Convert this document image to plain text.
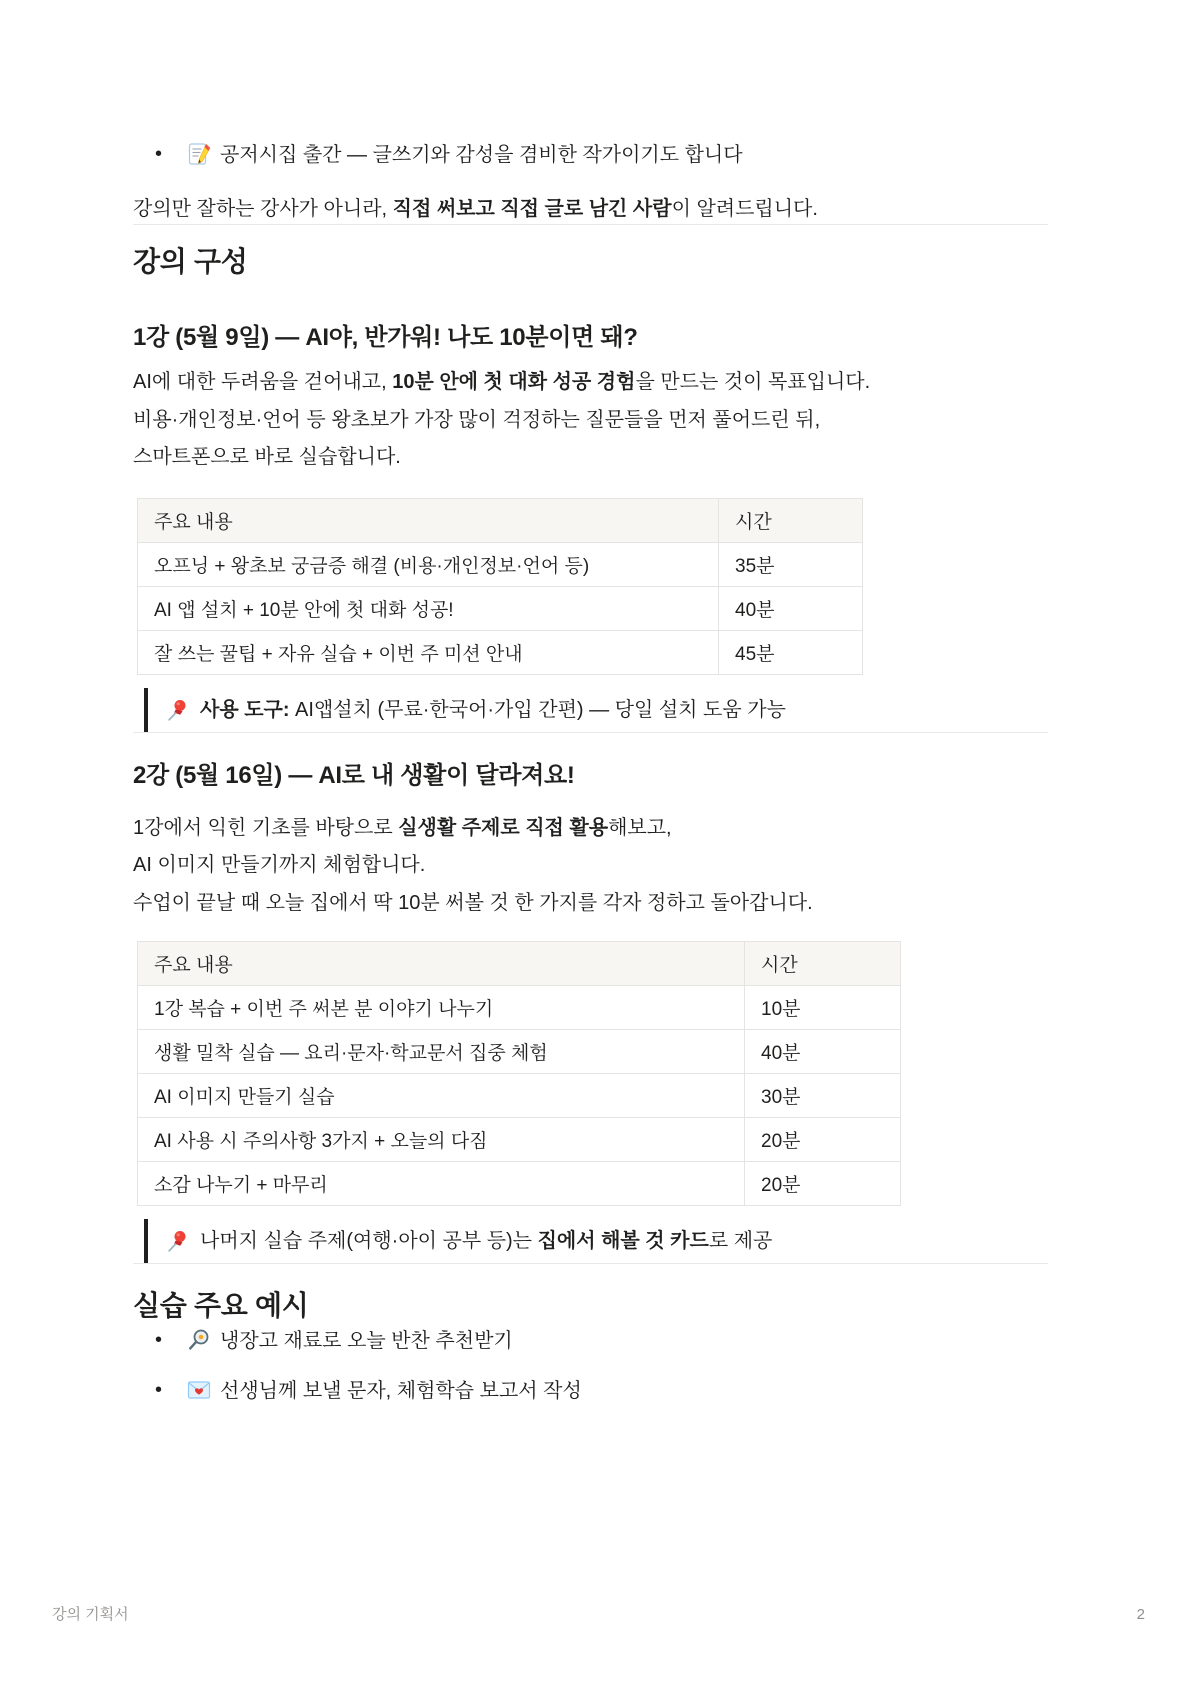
•
공저시집 출간 — 글쓰기와 감성을 겸비한 작가이기도 합니다

강의만 잘하는 강사가 아니라, 직접 써보고 직접 글로 남긴 사람이 알려드립니다.

강의 구성
1강 (5월 9일) — AI야, 반가워! 나도 10분이면 돼?

AI에 대한 두려움을 걷어내고, 10분 안에 첫 대화 성공 경험을 만드는 것이 목표입니다.
비용·개인정보·언어 등 왕초보가 가장 많이 걱정하는 질문들을 먼저 풀어드린 뒤,
스마트폰으로 바로 실습합니다.

주요 내용	시간
오프닝 + 왕초보 궁금증 해결 (비용·개인정보·언어 등)	35분
AI 앱 설치 + 10분 안에 첫 대화 성공!	40분
잘 쓰는 꿀팁 + 자유 실습 + 이번 주 미션 안내	45분
사용 도구: AI앱설치 (무료·한국어·가입 간편) — 당일 설치 도움 가능
2강 (5월 16일) — AI로 내 생활이 달라져요!

1강에서 익힌 기초를 바탕으로 실생활 주제로 직접 활용해보고,
AI 이미지 만들기까지 체험합니다.
수업이 끝날 때 오늘 집에서 딱 10분 써볼 것 한 가지를 각자 정하고 돌아갑니다.

주요 내용	시간
1강 복습 + 이번 주 써본 분 이야기 나누기	10분
생활 밀착 실습 — 요리·문자·학교문서 집중 체험	40분
AI 이미지 만들기 실습	30분
AI 사용 시 주의사항 3가지 + 오늘의 다짐	20분
소감 나누기 + 마무리	20분
나머지 실습 주제(여행·아이 공부 등)는 집에서 해볼 것 카드로 제공
실습 주요 예시
•
냉장고 재료로 오늘 반찬 추천받기
•
선생님께 보낼 문자, 체험학습 보고서 작성
강의 기획서	2
